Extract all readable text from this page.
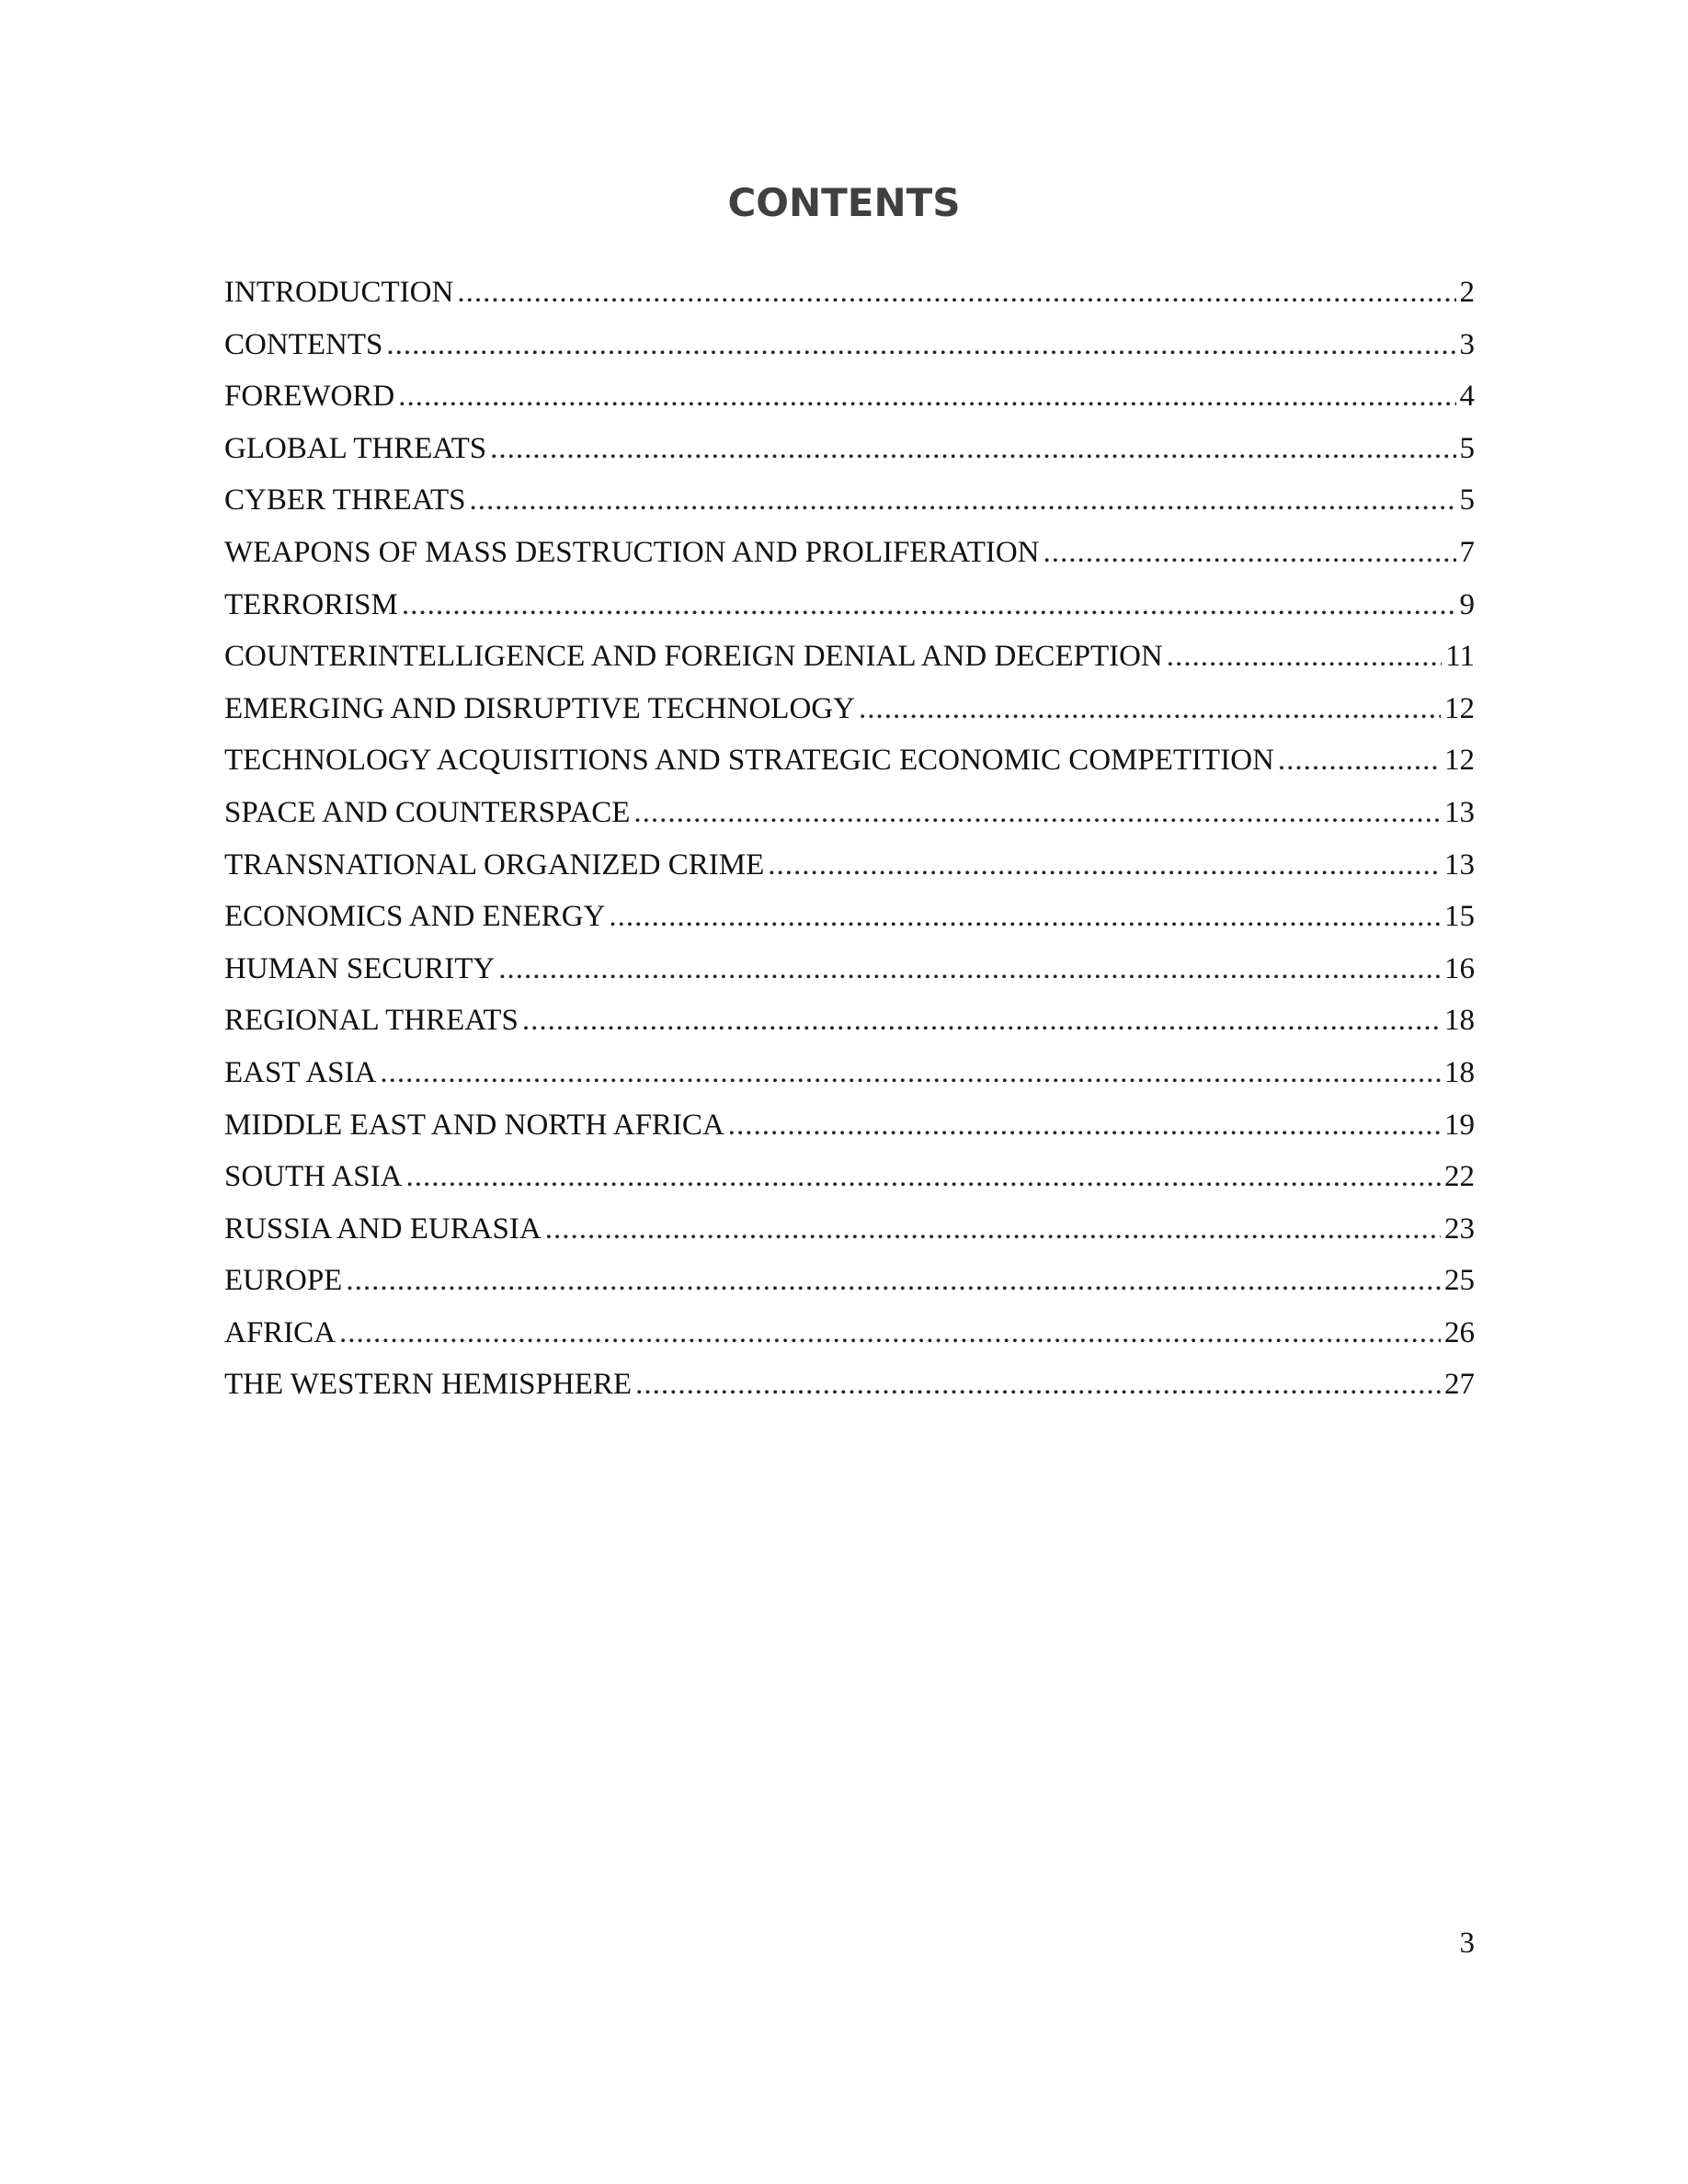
CONTENTS
INTRODUCTION .....	2
CONTENTS .....	3
FOREWORD .....	4
GLOBAL THREATS .....	5
CYBER THREATS .....	5
WEAPONS OF MASS DESTRUCTION AND PROLIFERATION .....	7
TERRORISM .....	9
COUNTERINTELLIGENCE AND FOREIGN DENIAL AND DECEPTION .....	11
EMERGING AND DISRUPTIVE TECHNOLOGY .....	12
TECHNOLOGY ACQUISITIONS AND STRATEGIC ECONOMIC COMPETITION .....	12
SPACE AND COUNTERSPACE .....	13
TRANSNATIONAL ORGANIZED CRIME .....	13
ECONOMICS AND ENERGY .....	15
HUMAN SECURITY .....	16
REGIONAL THREATS .....	18
EAST ASIA .....	18
MIDDLE EAST AND NORTH AFRICA .....	19
SOUTH ASIA .....	22
RUSSIA AND EURASIA .....	23
EUROPE .....	25
AFRICA .....	26
THE WESTERN HEMISPHERE .....	27
3
